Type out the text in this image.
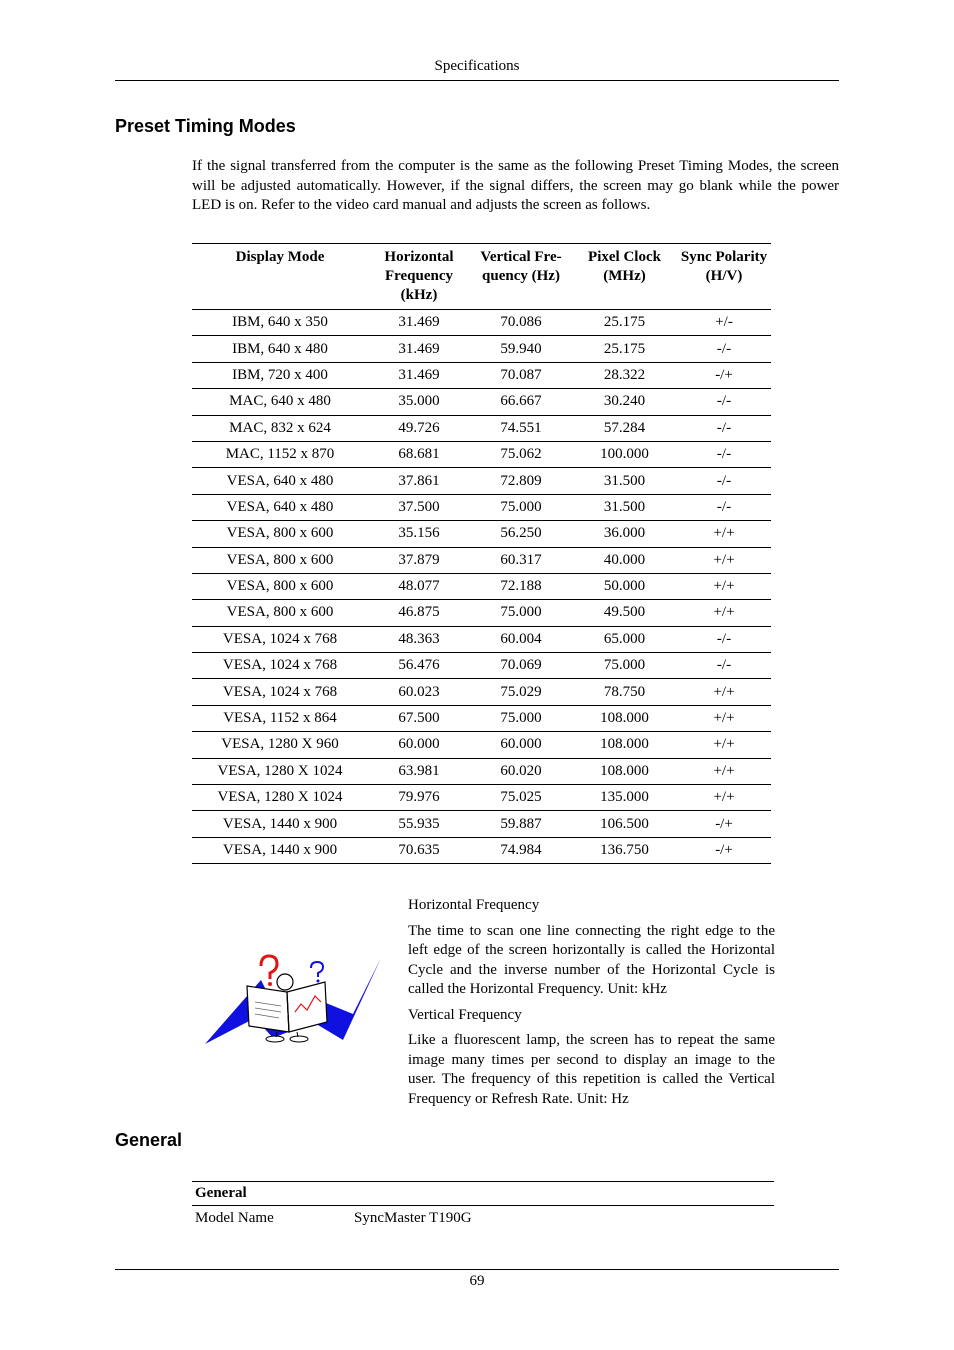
Specifications
Preset Timing Modes

If the signal transferred from the computer is the same as the following Preset Timing Modes, the screen will be adjusted automatically. However, if the signal differs, the screen may go blank while the power LED is on. Refer to the video card manual and adjusts the screen as follows.

Display Mode	Horizontal Frequency (kHz)	Vertical Fre-quency (Hz)	Pixel Clock (MHz)	Sync Polarity (H/V)
IBM, 640 x 350	31.469	70.086	25.175	+/-
IBM, 640 x 480	31.469	59.940	25.175	-/-
IBM, 720 x 400	31.469	70.087	28.322	-/+
MAC, 640 x 480	35.000	66.667	30.240	-/-
MAC, 832 x 624	49.726	74.551	57.284	-/-
MAC, 1152 x 870	68.681	75.062	100.000	-/-
VESA, 640 x 480	37.861	72.809	31.500	-/-
VESA, 640 x 480	37.500	75.000	31.500	-/-
VESA, 800 x 600	35.156	56.250	36.000	+/+
VESA, 800 x 600	37.879	60.317	40.000	+/+
VESA, 800 x 600	48.077	72.188	50.000	+/+
VESA, 800 x 600	46.875	75.000	49.500	+/+
VESA, 1024 x 768	48.363	60.004	65.000	-/-
VESA, 1024 x 768	56.476	70.069	75.000	-/-
VESA, 1024 x 768	60.023	75.029	78.750	+/+
VESA, 1152 x 864	67.500	75.000	108.000	+/+
VESA, 1280 X 960	60.000	60.000	108.000	+/+
VESA, 1280 X 1024	63.981	60.020	108.000	+/+
VESA, 1280 X 1024	79.976	75.025	135.000	+/+
VESA, 1440 x 900	55.935	59.887	106.500	-/+
VESA, 1440 x 900	70.635	74.984	136.750	-/+

Horizontal Frequency

The time to scan one line connecting the right edge to the left edge of the screen horizontally is called the Horizontal Cycle and the inverse number of the Horizontal Cycle is called the Horizontal Frequency. Unit: kHz

Vertical Frequency

Like a fluorescent lamp, the screen has to repeat the same image many times per second to display an image to the user. The frequency of this repetition is called the Vertical Frequency or Refresh Rate. Unit: Hz

General
General
Model Name	SyncMaster T190G
69
